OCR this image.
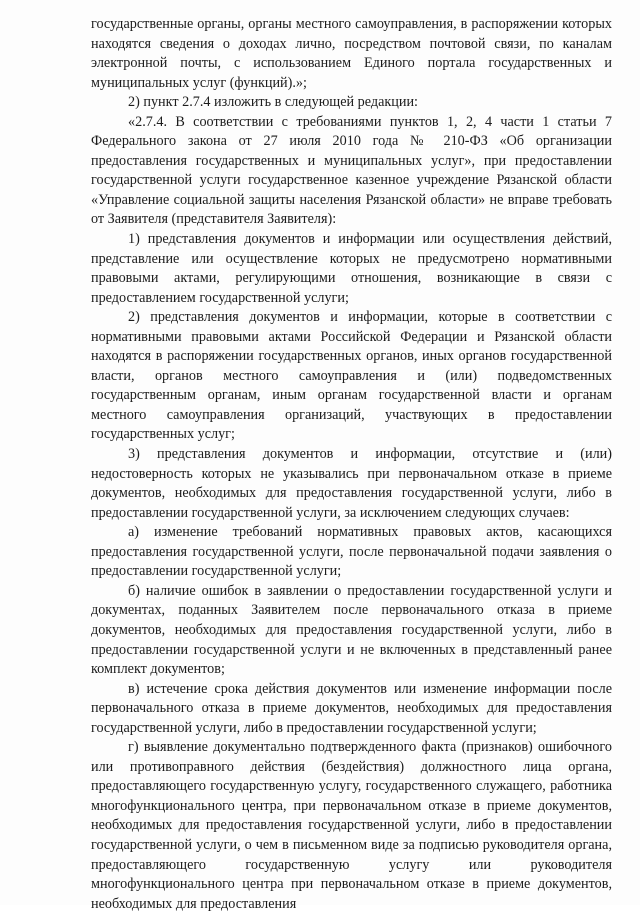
государственные органы, органы местного самоуправления, в распоряжении которых находятся сведения о доходах лично, посредством почтовой связи, по каналам электронной почты, с использованием Единого портала государственных и муниципальных услуг (функций).»;

2) пункт 2.7.4 изложить в следующей редакции:

«2.7.4. В соответствии с требованиями пунктов 1, 2, 4 части 1 статьи 7 Федерального закона от 27 июля 2010 года № 210-ФЗ «Об организации предоставления государственных и муниципальных услуг», при предоставлении государственной услуги государственное казенное учреждение Рязанской области «Управление социальной защиты населения Рязанской области» не вправе требовать от Заявителя (представителя Заявителя):

1) представления документов и информации или осуществления действий, представление или осуществление которых не предусмотрено нормативными правовыми актами, регулирующими отношения, возникающие в связи с предоставлением государственной услуги;

2) представления документов и информации, которые в соответствии с нормативными правовыми актами Российской Федерации и Рязанской области находятся в распоряжении государственных органов, иных органов государственной власти, органов местного самоуправления и (или) подведомственных государственным органам, иным органам государственной власти и органам местного самоуправления организаций, участвующих в предоставлении государственных услуг;

3) представления документов и информации, отсутствие и (или) недостоверность которых не указывались при первоначальном отказе в приеме документов, необходимых для предоставления государственной услуги, либо в предоставлении государственной услуги, за исключением следующих случаев:

а) изменение требований нормативных правовых актов, касающихся предоставления государственной услуги, после первоначальной подачи заявления о предоставлении государственной услуги;

б) наличие ошибок в заявлении о предоставлении государственной услуги и документах, поданных Заявителем после первоначального отказа в приеме документов, необходимых для предоставления государственной услуги, либо в предоставлении государственной услуги и не включенных в представленный ранее комплект документов;

в) истечение срока действия документов или изменение информации после первоначального отказа в приеме документов, необходимых для предоставления государственной услуги, либо в предоставлении государственной услуги;

г) выявление документально подтвержденного факта (признаков) ошибочного или противоправного действия (бездействия) должностного лица органа, предоставляющего государственную услугу, государственного служащего, работника многофункционального центра, при первоначальном отказе в приеме документов, необходимых для предоставления государственной услуги, либо в предоставлении государственной услуги, о чем в письменном виде за подписью руководителя органа, предоставляющего государственную услугу или руководителя многофункционального центра при первоначальном отказе в приеме документов, необходимых для предоставления
